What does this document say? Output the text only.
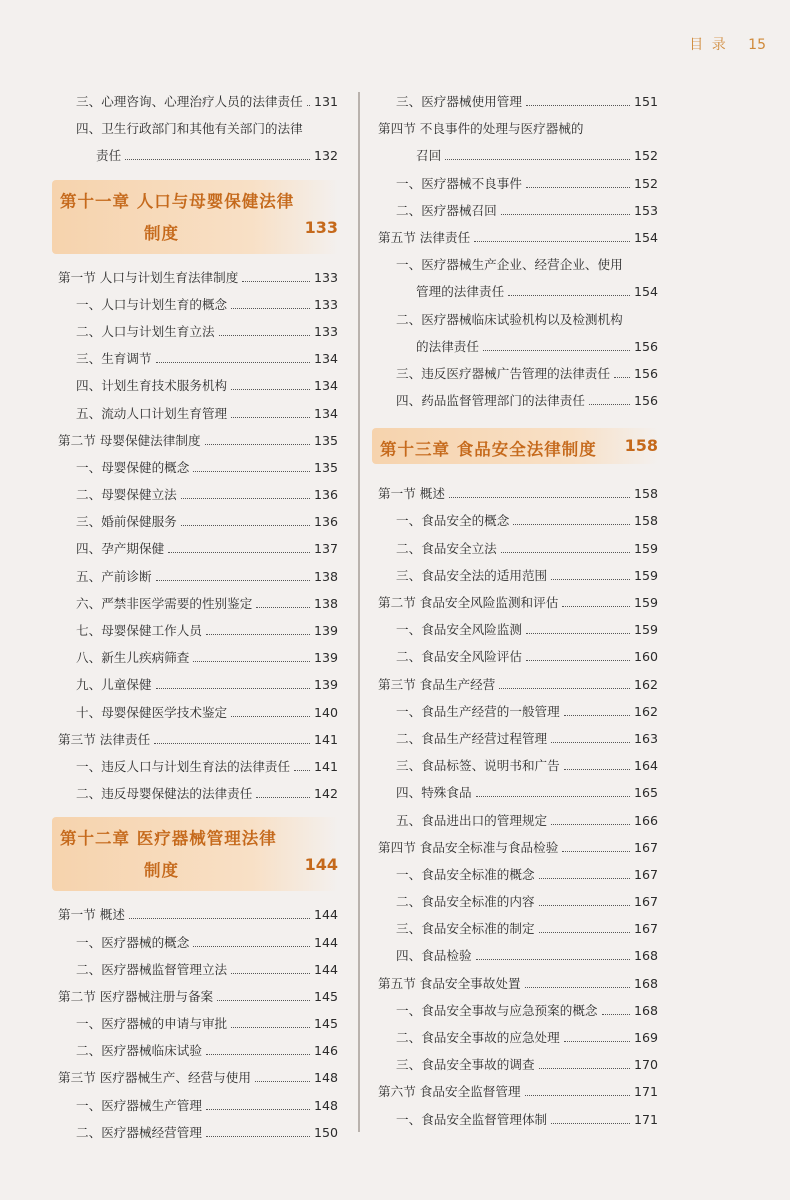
目 录 15
三、心理咨询、心理治疗人员的法律责任 131
四、卫生行政部门和其他有关部门的法律
责任	132
第十一章 人口与母婴保健法律
制度	133
第一节 人口与计划生育法律制度	133
一、人口与计划生育的概念	133
二、人口与计划生育立法	133
三、生育调节	134
四、计划生育技术服务机构	134
五、流动人口计划生育管理	134
第二节 母婴保健法律制度	135
一、母婴保健的概念	135
二、母婴保健立法	136
三、婚前保健服务	136
四、孕产期保健	137
五、产前诊断	138
六、严禁非医学需要的性别鉴定	138
七、母婴保健工作人员	139
八、新生儿疾病筛查	139
九、儿童保健	139
十、母婴保健医学技术鉴定	140
第三节 法律责任	141
一、违反人口与计划生育法的法律责任 141
二、违反母婴保健法的法律责任	142
第十二章 医疗器械管理法律
制度	144
第一节 概述	144
一、医疗器械的概念	144
二、医疗器械监督管理立法	144
第二节 医疗器械注册与备案	145
一、医疗器械的申请与审批	145
二、医疗器械临床试验	146
第三节 医疗器械生产、经营与使用	148
一、医疗器械生产管理	148
二、医疗器械经营管理	150
三、医疗器械使用管理	151
第四节 不良事件的处理与医疗器械的
召回	152
一、医疗器械不良事件	152
二、医疗器械召回	153
第五节 法律责任	154
一、医疗器械生产企业、经营企业、使用
管理的法律责任	154
二、医疗器械临床试验机构以及检测机构
的法律责任	156
三、违反医疗器械广告管理的法律责任 156
四、药品监督管理部门的法律责任	156
第十三章 食品安全法律制度 158
第一节 概述	158
一、食品安全的概念	158
二、食品安全立法	159
三、食品安全法的适用范围	159
第二节 食品安全风险监测和评估	159
一、食品安全风险监测	159
二、食品安全风险评估	160
第三节 食品生产经营	162
一、食品生产经营的一般管理	162
二、食品生产经营过程管理	163
三、食品标签、说明书和广告	164
四、特殊食品	165
五、食品进出口的管理规定	166
第四节 食品安全标准与食品检验	167
一、食品安全标准的概念	167
二、食品安全标准的内容	167
三、食品安全标准的制定	167
四、食品检验	168
第五节 食品安全事故处置	168
一、食品安全事故与应急预案的概念	168
二、食品安全事故的应急处理	169
三、食品安全事故的调查	170
第六节 食品安全监督管理	171
一、食品安全监督管理体制	171
